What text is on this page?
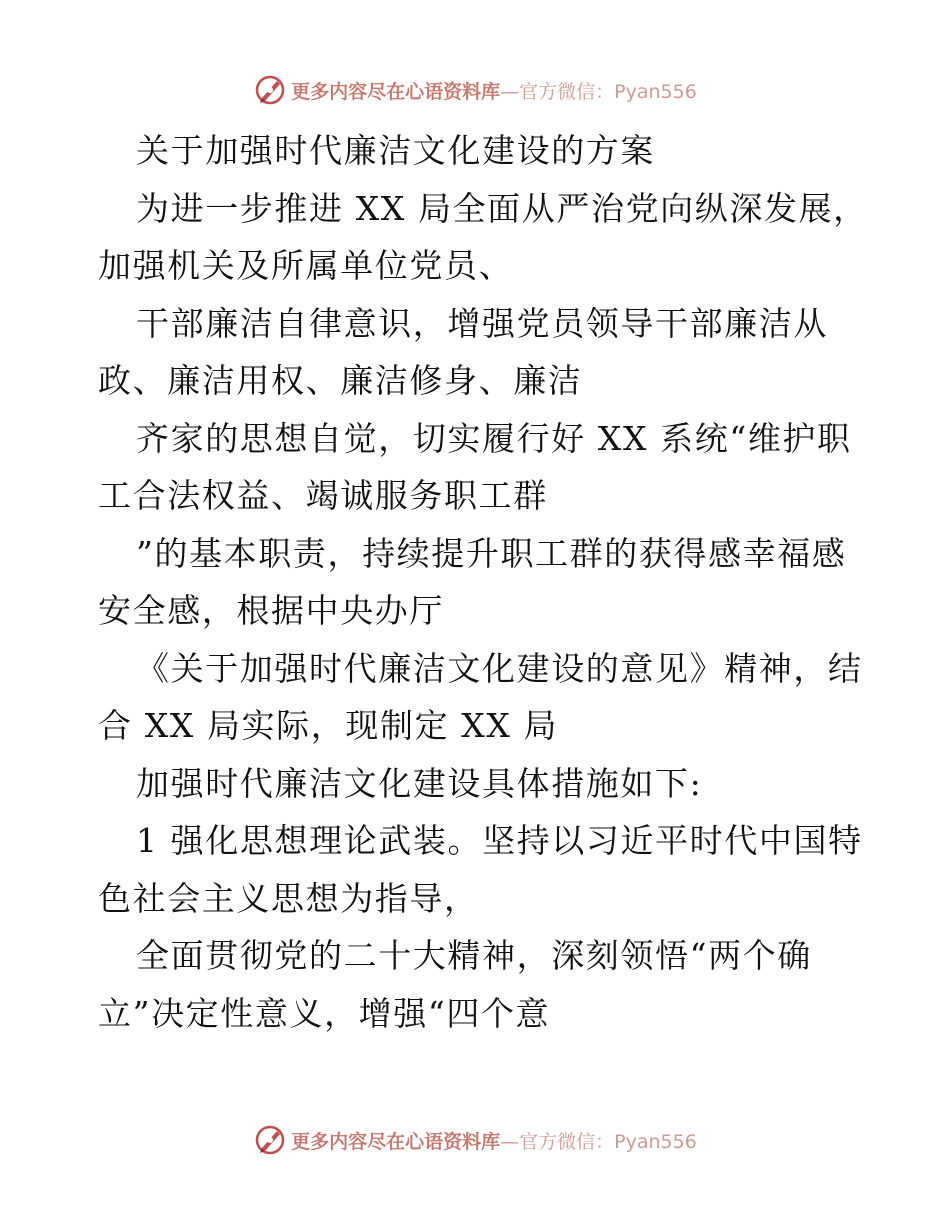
更多内容尽在心语资料库—官方微信：Pyan556
关于加强时代廉洁文化建设的方案
为进一步推进 XX 局全面从严治党向纵深发展，
加强机关及所属单位党员、
干部廉洁自律意识，增强党员领导干部廉洁从
政、廉洁用权、廉洁修身、廉洁
齐家的思想自觉，切实履行好 XX 系统“维护职
工合法权益、竭诚服务职工群
”的基本职责，持续提升职工群的获得感幸福感
安全感，根据中央办厅
《关于加强时代廉洁文化建设的意见》精神，结
合 XX 局实际，现制定 XX 局
加强时代廉洁文化建设具体措施如下:
1 强化思想理论武装。坚持以习近平时代中国特
色社会主义思想为指导，
全面贯彻党的二十大精神，深刻领悟“两个确
立”决定性意义，增强“四个意
更多内容尽在心语资料库—官方微信：Pyan556
